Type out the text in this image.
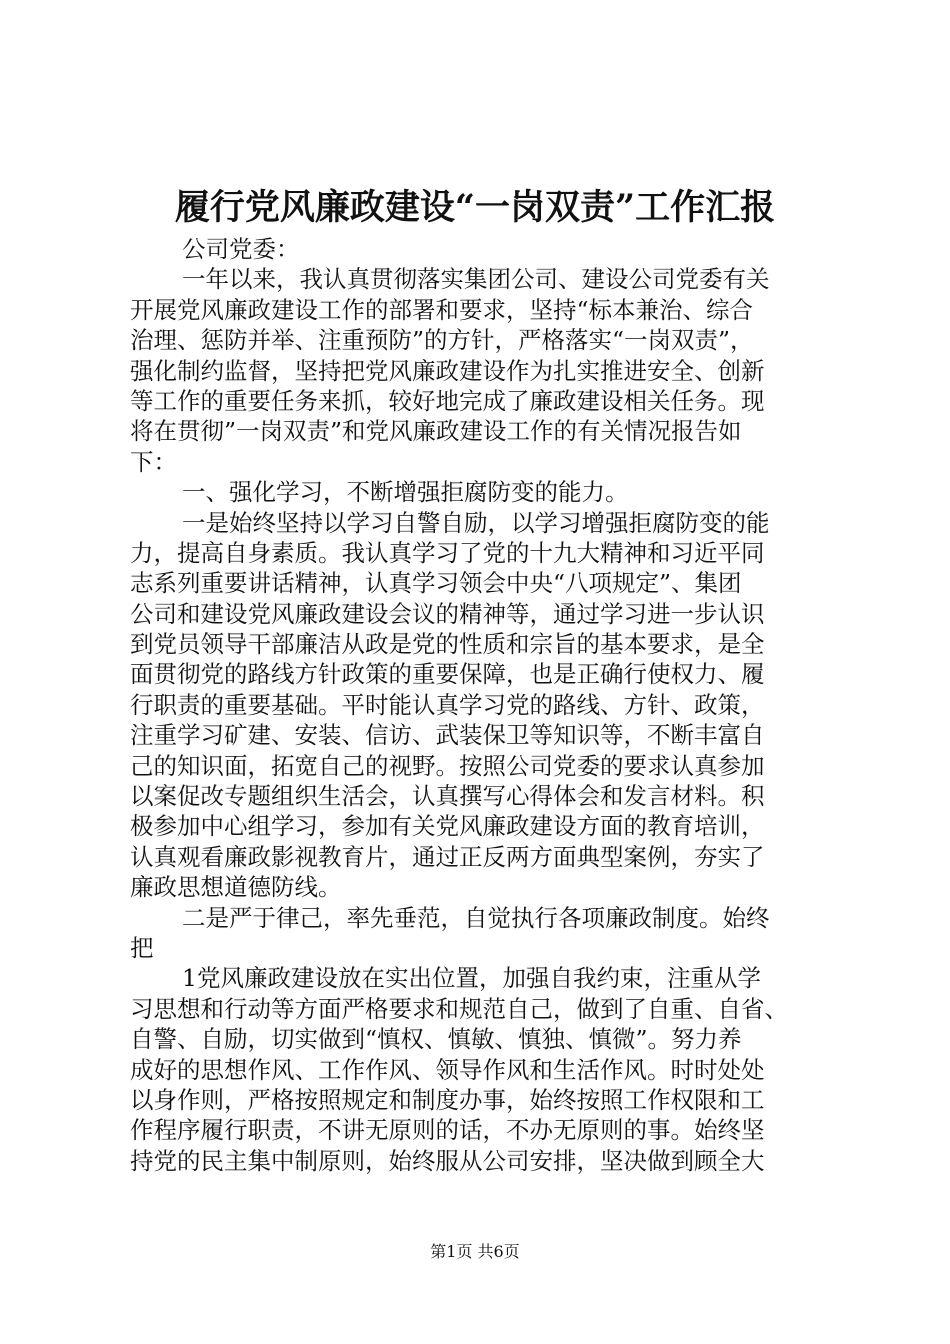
履行党风廉政建设“一岗双责”工作汇报
公司党委：
一年以来，我认真贯彻落实集团公司、建设公司党委有关
开展党风廉政建设工作的部署和要求，坚持“标本兼治、综合
治理、惩防并举、注重预防”的方针，严格落实“一岗双责”，
强化制约监督，坚持把党风廉政建设作为扎实推进安全、创新
等工作的重要任务来抓，较好地完成了廉政建设相关任务。现
将在贯彻”一岗双责”和党风廉政建设工作的有关情况报告如
下：
一、强化学习，不断增强拒腐防变的能力。
一是始终坚持以学习自警自励，以学习增强拒腐防变的能
力，提高自身素质。我认真学习了党的十九大精神和习近平同
志系列重要讲话精神，认真学习领会中央“八项规定”、集团
公司和建设党风廉政建设会议的精神等，通过学习进一步认识
到党员领导干部廉洁从政是党的性质和宗旨的基本要求，是全
面贯彻党的路线方针政策的重要保障，也是正确行使权力、履
行职责的重要基础。平时能认真学习党的路线、方针、政策，
注重学习矿建、安装、信访、武装保卫等知识等，不断丰富自
己的知识面，拓宽自己的视野。按照公司党委的要求认真参加
以案促改专题组织生活会，认真撰写心得体会和发言材料。积
极参加中心组学习，参加有关党风廉政建设方面的教育培训，
认真观看廉政影视教育片，通过正反两方面典型案例，夯实了
廉政思想道德防线。
二是严于律己，率先垂范，自觉执行各项廉政制度。始终
把
1党风廉政建设放在实出位置，加强自我约束，注重从学
习思想和行动等方面严格要求和规范自己，做到了自重、自省、
自警、自励，切实做到“慎权、慎敏、慎独、慎微”。努力养
成好的思想作风、工作作风、领导作风和生活作风。时时处处
以身作则，严格按照规定和制度办事，始终按照工作权限和工
作程序履行职责，不讲无原则的话，不办无原则的事。始终坚
持党的民主集中制原则，始终服从公司安排，坚决做到顾全大
第1页 共6页
